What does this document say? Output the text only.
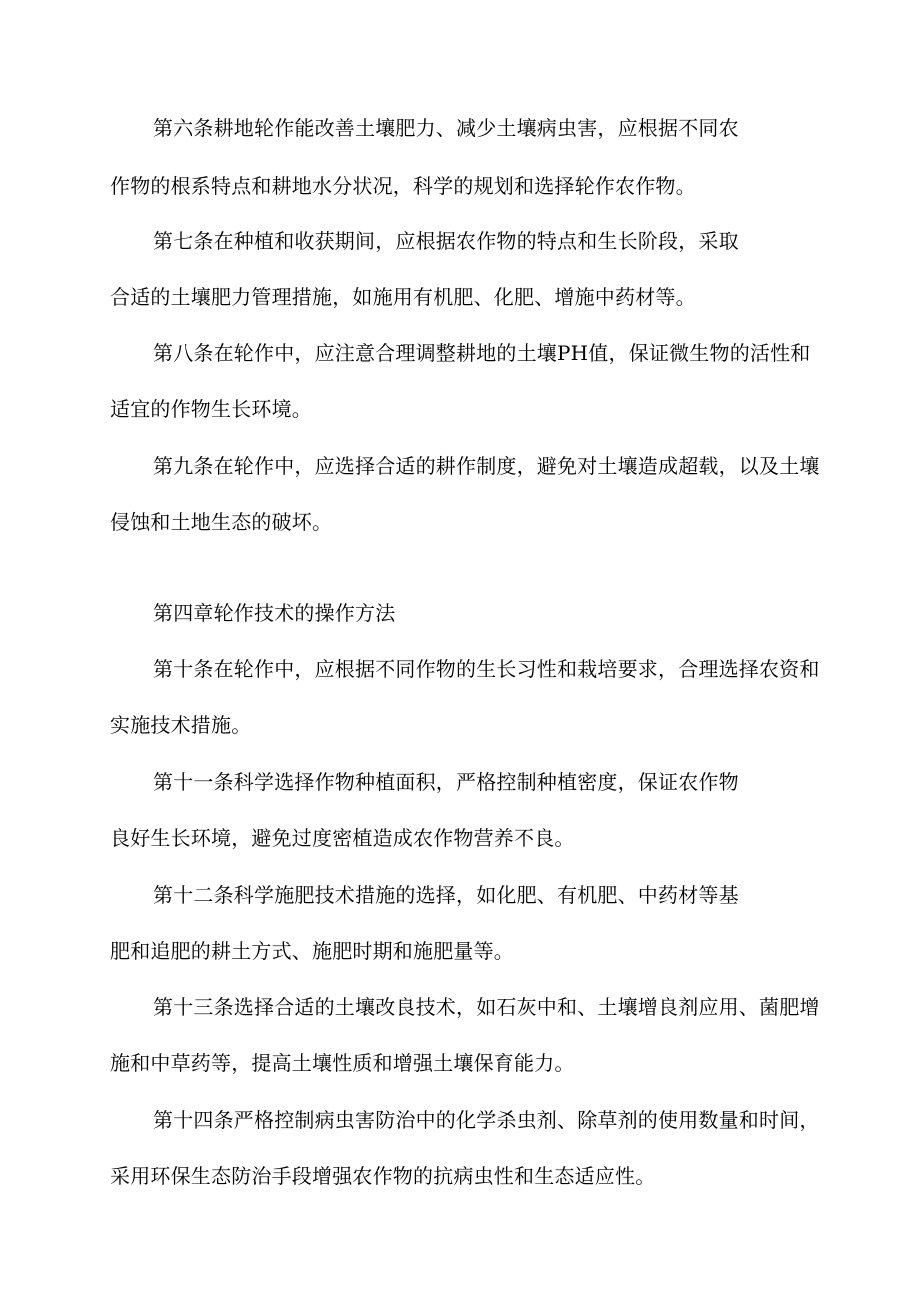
第六条耕地轮作能改善土壤肥力、减少土壤病虫害，应根据不同农
作物的根系特点和耕地水分状况，科学的规划和选择轮作农作物。
第七条在种植和收获期间，应根据农作物的特点和生长阶段，采取
合适的土壤肥力管理措施，如施用有机肥、化肥、增施中药材等。
第八条在轮作中，应注意合理调整耕地的土壤PH值，保证微生物的活性和
适宜的作物生长环境。
第九条在轮作中，应选择合适的耕作制度，避免对土壤造成超载，以及土壤
侵蚀和土地生态的破坏。
第四章轮作技术的操作方法
第十条在轮作中，应根据不同作物的生长习性和栽培要求，合理选择农资和
实施技术措施。
第十一条科学选择作物种植面积，严格控制种植密度，保证农作物
良好生长环境，避免过度密植造成农作物营养不良。
第十二条科学施肥技术措施的选择，如化肥、有机肥、中药材等基
肥和追肥的耕土方式、施肥时期和施肥量等。
第十三条选择合适的土壤改良技术，如石灰中和、土壤增良剂应用、菌肥增
施和中草药等，提高土壤性质和增强土壤保育能力。
第十四条严格控制病虫害防治中的化学杀虫剂、除草剂的使用数量和时间，
采用环保生态防治手段增强农作物的抗病虫性和生态适应性。
